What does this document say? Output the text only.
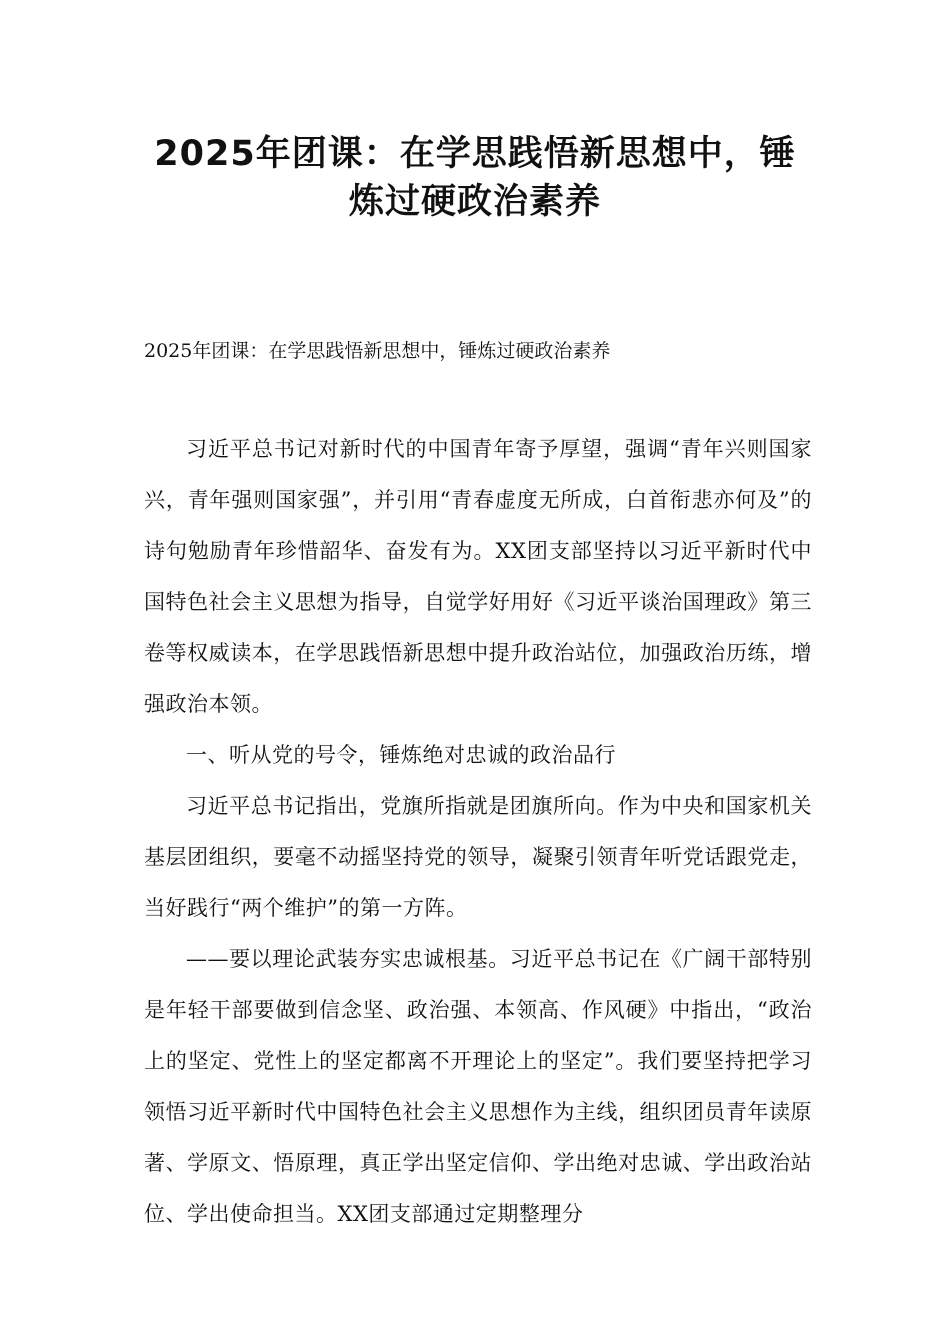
2025年团课：在学思践悟新思想中，锤
炼过硬政治素养

2025年团课：在学思践悟新思想中，锤炼过硬政治素养

习近平总书记对新时代的中国青年寄予厚望，强调“青年兴则国家兴，青年强则国家强”，并引用“青春虚度无所成，白首衔悲亦何及”的诗句勉励青年珍惜韶华、奋发有为。XX团支部坚持以习近平新时代中国特色社会主义思想为指导，自觉学好用好《习近平谈治国理政》第三卷等权威读本，在学思践悟新思想中提升政治站位，加强政治历练，增强政治本领。

一、听从党的号令，锤炼绝对忠诚的政治品行

习近平总书记指出，党旗所指就是团旗所向。作为中央和国家机关基层团组织，要毫不动摇坚持党的领导，凝聚引领青年听党话跟党走，当好践行“两个维护”的第一方阵。

——要以理论武装夯实忠诚根基。习近平总书记在《广阔干部特别是年轻干部要做到信念坚、政治强、本领高、作风硬》中指出，“政治上的坚定、党性上的坚定都离不开理论上的坚定”。我们要坚持把学习领悟习近平新时代中国特色社会主义思想作为主线，组织团员青年读原著、学原文、悟原理，真正学出坚定信仰、学出绝对忠诚、学出政治站位、学出使命担当。XX团支部通过定期整理分
